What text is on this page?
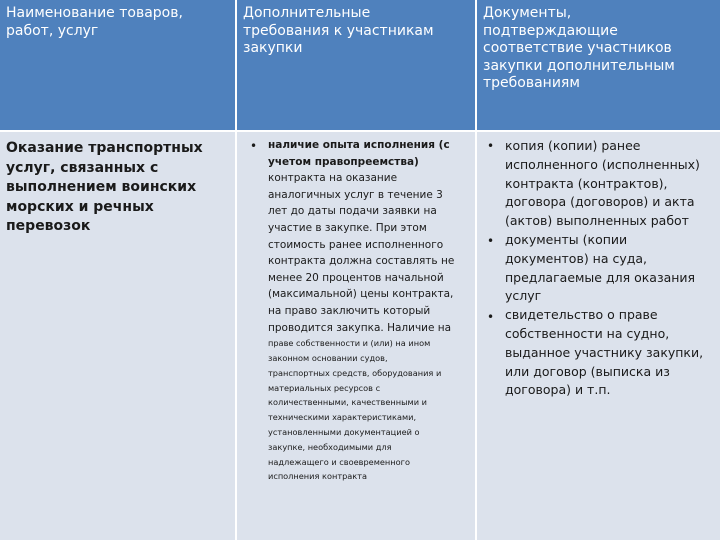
Наименование товаров,
работ, услуг
Дополнительные
требования к участникам
закупки
Документы,
подтверждающие
соответствие участников
закупки дополнительным
требованиям
Оказание транспортных
услуг, связанных с
выполнением воинских
морских и речных
перевозок
• наличие опыта исполнения (с
учетом правопреемства)
контракта на оказание
аналогичных услуг в течение 3
лет до даты подачи заявки на
участие в закупке. При этом
стоимость ранее исполненного
контракта должна составлять не
менее 20 процентов начальной
(максимальной) цены контракта,
на право заключить который
проводится закупка. Наличие на
праве собственности и (или) на ином
законном основании судов,
транспортных средств, оборудования и
материальных ресурсов с
количественными, качественными и
техническими характеристиками,
установленными документацией о
закупке, необходимыми для
надлежащего и своевременного
исполнения контракта
•
•
•
копия (копии) ранее
исполненного (исполненных)
контракта (контрактов),
договора (договоров) и акта
(актов) выполненных работ
документы (копии
документов) на суда,
предлагаемые для оказания
услуг
свидетельство о праве
собственности на судно,
выданное участнику закупки,
или договор (выписка из
договора) и т.п.
